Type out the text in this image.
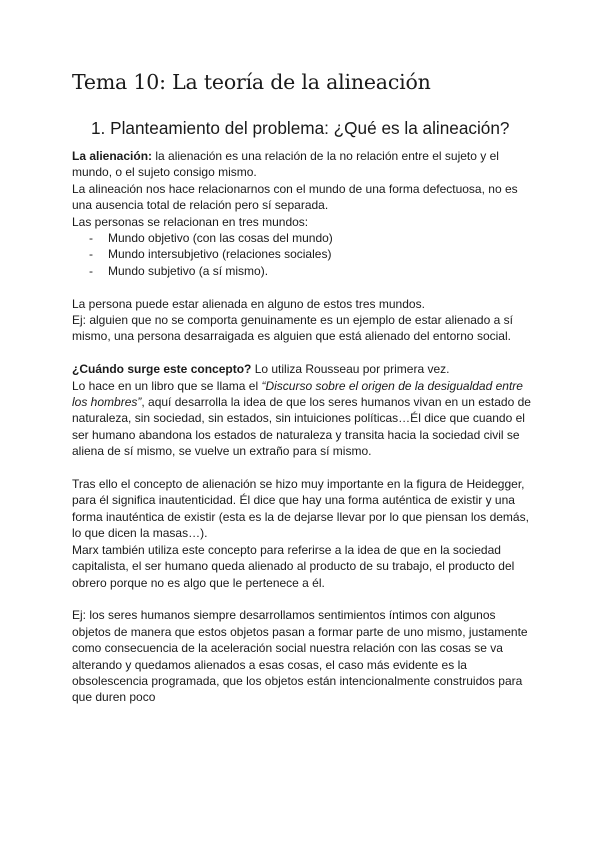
Tema 10: La teoría de la alineación
1. Planteamiento del problema: ¿Qué es la alineación?

La alienación: la alienación es una relación de la no relación entre el sujeto y el mundo, o el sujeto consigo mismo.

La alineación nos hace relacionarnos con el mundo de una forma defectuosa, no es una ausencia total de relación pero sí separada.

Las personas se relacionan en tres mundos:

- Mundo objetivo (con las cosas del mundo)
- Mundo intersubjetivo (relaciones sociales)
- Mundo subjetivo (a sí mismo).

La persona puede estar alienada en alguno de estos tres mundos.

Ej: alguien que no se comporta genuinamente es un ejemplo de estar alienado a sí mismo, una persona desarraigada es alguien que está alienado del entorno social.

¿Cuándo surge este concepto? Lo utiliza Rousseau por primera vez.

Lo hace en un libro que se llama el “Discurso sobre el origen de la desigualdad entre los hombres”, aquí desarrolla la idea de que los seres humanos vivan en un estado de naturaleza, sin sociedad, sin estados, sin intuiciones políticas…Él dice que cuando el ser humano abandona los estados de naturaleza y transita hacia la sociedad civil se aliena de sí mismo, se vuelve un extraño para sí mismo.

Tras ello el concepto de alienación se hizo muy importante en la figura de Heidegger, para él significa inautenticidad. Él dice que hay una forma auténtica de existir y una forma inauténtica de existir (esta es la de dejarse llevar por lo que piensan los demás, lo que dicen la masas…).

Marx también utiliza este concepto para referirse a la idea de que en la sociedad capitalista, el ser humano queda alienado al producto de su trabajo, el producto del obrero porque no es algo que le pertenece a él.

Ej: los seres humanos siempre desarrollamos sentimientos íntimos con algunos objetos de manera que estos objetos pasan a formar parte de uno mismo, justamente como consecuencia de la aceleración social nuestra relación con las cosas se va alterando y quedamos alienados a esas cosas, el caso más evidente es la obsolescencia programada, que los objetos están intencionalmente construidos para que duren poco
